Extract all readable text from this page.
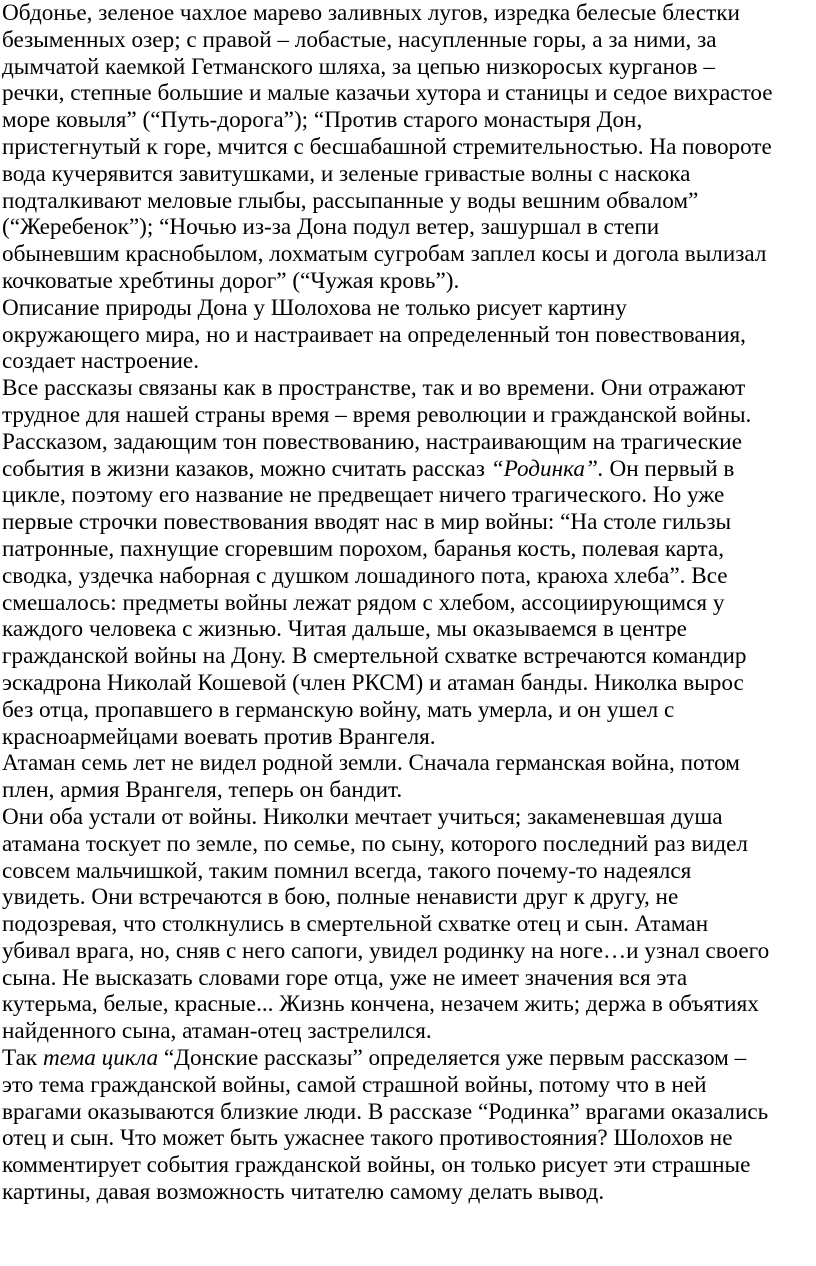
Обдонье, зеленое чахлое марево заливных лугов, изредка белесые блестки
безыменных озер; с правой – лобастые, насупленные горы, а за ними, за
дымчатой каемкой Гетманского шляха, за цепью низкоросых курганов –
речки, степные большие и малые казачьи хутора и станицы и седое вихрастое
море ковыля” (“Путь-дорога”); “Против старого монастыря Дон,
пристегнутый к горе, мчится с бесшабашной стремительностью. На повороте
вода кучерявится завитушками, и зеленые гривастые волны с наскока
подталкивают меловые глыбы, рассыпанные у воды вешним обвалом”
(“Жеребенок”); “Ночью из-за Дона подул ветер, зашуршал в степи
обыневшим краснобылом, лохматым сугробам заплел косы и догола вылизал
кочковатые хребтины дорог” (“Чужая кровь”).
Описание природы Дона у Шолохова не только рисует картину
окружающего мира, но и настраивает на определенный тон повествования,
создает настроение.
Все рассказы связаны как в пространстве, так и во времени. Они отражают
трудное для нашей страны время – время революции и гражданской войны.
Рассказом, задающим тон повествованию, настраивающим на трагические
события в жизни казаков, можно считать рассказ “Родинка”. Он первый в
цикле, поэтому его название не предвещает ничего трагического. Но уже
первые строчки повествования вводят нас в мир войны: “На столе гильзы
патронные, пахнущие сгоревшим порохом, баранья кость, полевая карта,
сводка, уздечка наборная с душком лошадиного пота, краюха хлеба”. Все
смешалось: предметы войны лежат рядом с хлебом, ассоциирующимся у
каждого человека с жизнью. Читая дальше, мы оказываемся в центре
гражданской войны на Дону. В смертельной схватке встречаются командир
эскадрона Николай Кошевой (член РКСМ) и атаман банды. Николка вырос
без отца, пропавшего в германскую войну, мать умерла, и он ушел с
красноармейцами воевать против Врангеля.
Атаман семь лет не видел родной земли. Сначала германская война, потом
плен, армия Врангеля, теперь он бандит.
Они оба устали от войны. Николки мечтает учиться; закаменевшая душа
атамана тоскует по земле, по семье, по сыну, которого последний раз видел
совсем мальчишкой, таким помнил всегда, такого почему-то надеялся
увидеть. Они встречаются в бою, полные ненависти друг к другу, не
подозревая, что столкнулись в смертельной схватке отец и сын. Атаман
убивал врага, но, сняв с него сапоги, увидел родинку на ноге…и узнал своего
сына. Не высказать словами горе отца, уже не имеет значения вся эта
кутерьма, белые, красные... Жизнь кончена, незачем жить; держа в объятиях
найденного сына, атаман-отец застрелился.
Так тема цикла “Донские рассказы” определяется уже первым рассказом –
это тема гражданской войны, самой страшной войны, потому что в ней
врагами оказываются близкие люди. В рассказе “Родинка” врагами оказались
отец и сын. Что может быть ужаснее такого противостояния? Шолохов не
комментирует события гражданской войны, он только рисует эти страшные
картины, давая возможность читателю самому делать вывод.
